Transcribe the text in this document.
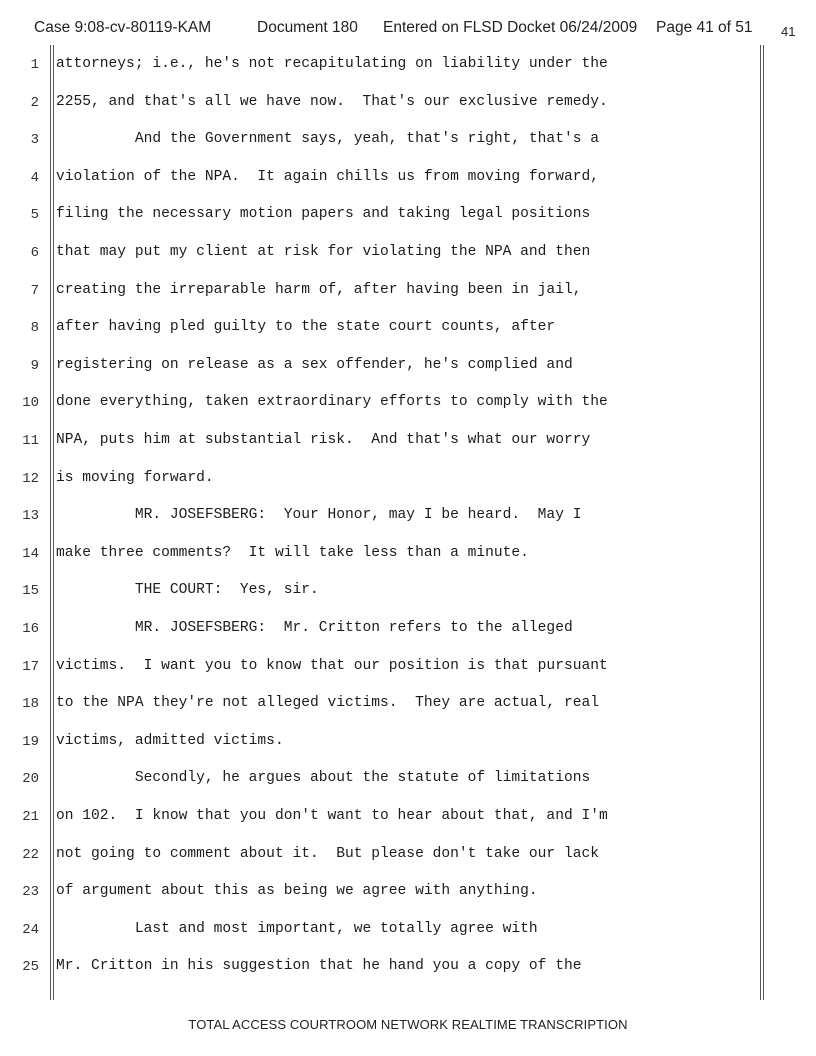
Case 9:08-cv-80119-KAM	Document 180 Entered on FLSD Docket 06/24/2009 Page 41 of 51 41
1
2
3
4
5
6
7
8
9
10
11
12
13
14
15
16
17
18
19
20
21
22
23
24
25
attorneys; i.e., he's not recapitulating on liability under the
2255, and that's all we have now.  That's our exclusive remedy.
And the Government says, yeah, that's right, that's a
violation of the NPA.  It again chills us from moving forward,
filing the necessary motion papers and taking legal positions
that may put my client at risk for violating the NPA and then
creating the irreparable harm of, after having been in jail,
after having pled guilty to the state court counts, after
registering on release as a sex offender, he's complied and
done everything, taken extraordinary efforts to comply with the
NPA, puts him at substantial risk.  And that's what our worry
is moving forward.
MR. JOSEFSBERG:  Your Honor, may I be heard.  May I
make three comments?  It will take less than a minute.
THE COURT:  Yes, sir.
MR. JOSEFSBERG:  Mr. Critton refers to the alleged
victims.  I want you to know that our position is that pursuant
to the NPA they're not alleged victims.  They are actual, real
victims, admitted victims.
Secondly, he argues about the statute of limitations
on 102.  I know that you don't want to hear about that, and I'm
not going to comment about it.  But please don't take our lack
of argument about this as being we agree with anything.
Last and most important, we totally agree with
Mr. Critton in his suggestion that he hand you a copy of the
TOTAL ACCESS COURTROOM NETWORK REALTIME TRANSCRIPTION
